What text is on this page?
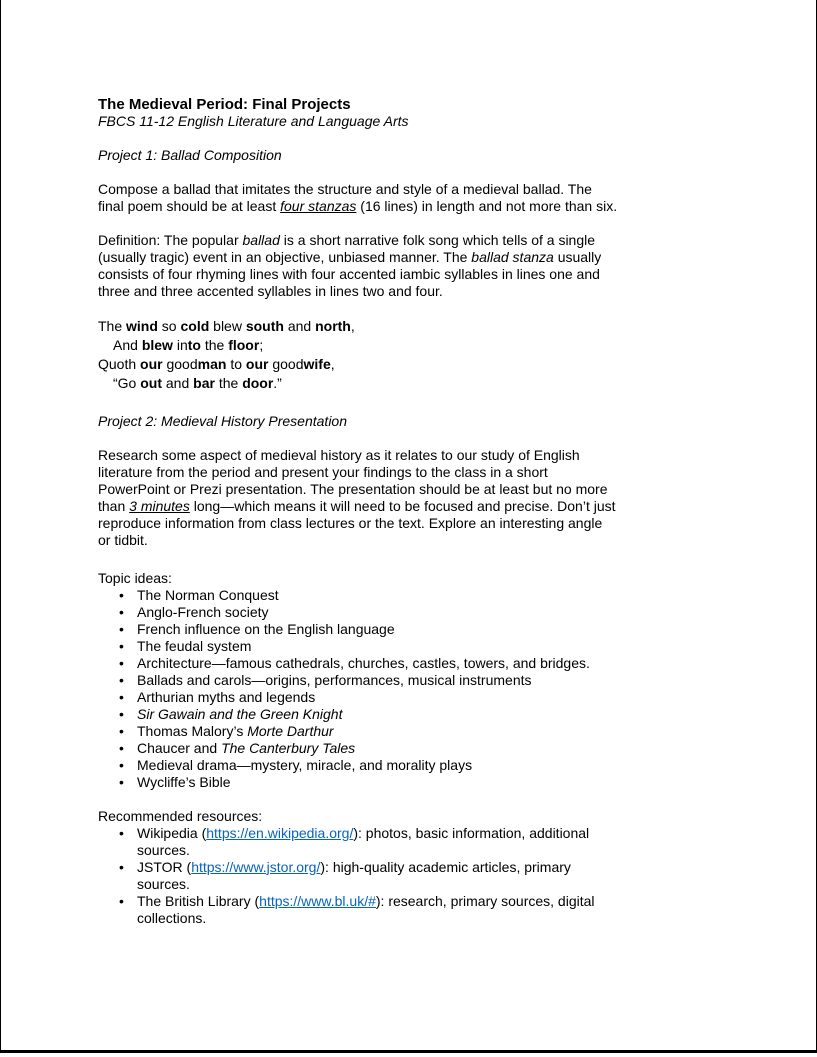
The Medieval Period: Final Projects
FBCS 11-12 English Literature and Language Arts
Project 1: Ballad Composition
Compose a ballad that imitates the structure and style of a medieval ballad. The
final poem should be at least four stanzas (16 lines) in length and not more than six.
Definition: The popular ballad is a short narrative folk song which tells of a single
(usually tragic) event in an objective, unbiased manner. The ballad stanza usually
consists of four rhyming lines with four accented iambic syllables in lines one and
three and three accented syllables in lines two and four.
The wind so cold blew south and north,
And blew into the floor;
Quoth our goodman to our goodwife,
“Go out and bar the door.”
Project 2: Medieval History Presentation
Research some aspect of medieval history as it relates to our study of English
literature from the period and present your findings to the class in a short
PowerPoint or Prezi presentation. The presentation should be at least but no more
than 3 minutes long—which means it will need to be focused and precise. Don’t just
reproduce information from class lectures or the text. Explore an interesting angle
or tidbit.
Topic ideas:
• The Norman Conquest
• Anglo-French society
• French influence on the English language
• The feudal system
• Architecture—famous cathedrals, churches, castles, towers, and bridges.
• Ballads and carols—origins, performances, musical instruments
• Arthurian myths and legends
• Sir Gawain and the Green Knight
• Thomas Malory’s Morte Darthur
• Chaucer and The Canterbury Tales
• Medieval drama—mystery, miracle, and morality plays
• Wycliffe’s Bible
Recommended resources:
• Wikipedia (https://en.wikipedia.org/): photos, basic information, additional
sources.
• JSTOR (https://www.jstor.org/): high-quality academic articles, primary
sources.
• The British Library (https://www.bl.uk/#): research, primary sources, digital
collections.
